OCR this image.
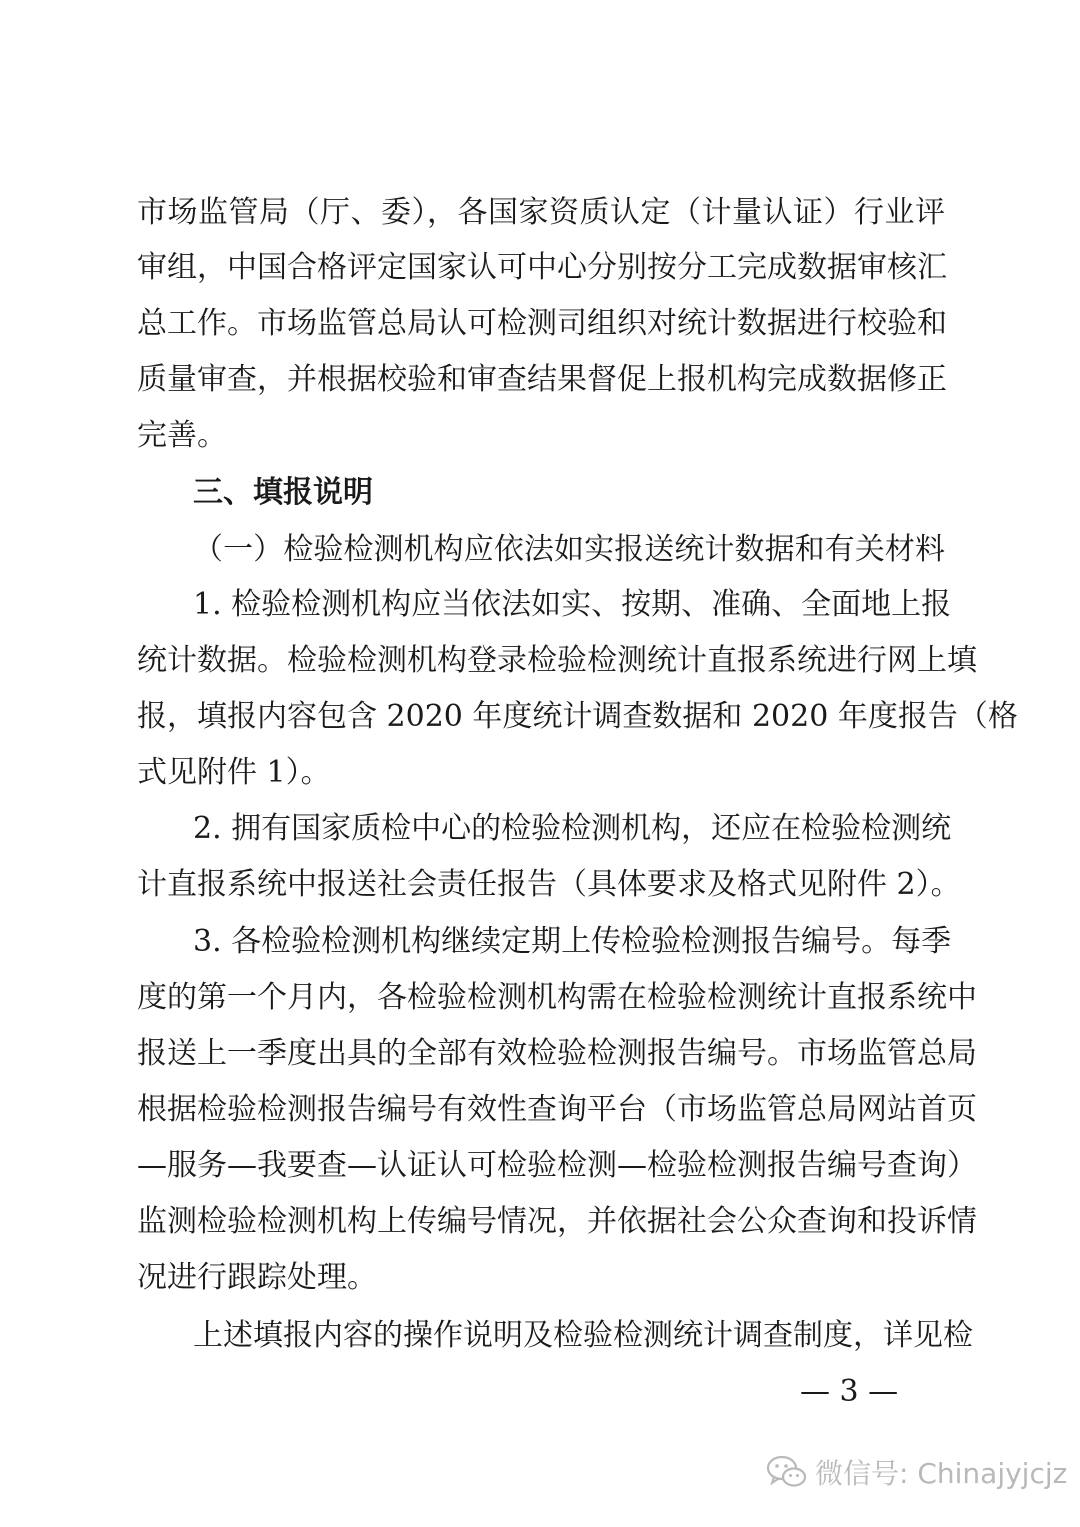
市场监管局（厅、委），各国家资质认定（计量认证）行业评
审组，中国合格评定国家认可中心分别按分工完成数据审核汇
总工作。市场监管总局认可检测司组织对统计数据进行校验和
质量审查，并根据校验和审查结果督促上报机构完成数据修正
完善。
三、填报说明
（一）检验检测机构应依法如实报送统计数据和有关材料
1. 检验检测机构应当依法如实、按期、准确、全面地上报
统计数据。检验检测机构登录检验检测统计直报系统进行网上填
报，填报内容包含 2020 年度统计调查数据和 2020 年度报告（格
式见附件 1）。
2. 拥有国家质检中心的检验检测机构，还应在检验检测统
计直报系统中报送社会责任报告（具体要求及格式见附件 2）。
3. 各检验检测机构继续定期上传检验检测报告编号。每季
度的第一个月内，各检验检测机构需在检验检测统计直报系统中
报送上一季度出具的全部有效检验检测报告编号。市场监管总局
根据检验检测报告编号有效性查询平台（市场监管总局网站首页
—服务—我要查—认证认可检验检测—检验检测报告编号查询）
监测检验检测机构上传编号情况，并依据社会公众查询和投诉情
况进行跟踪处理。
上述填报内容的操作说明及检验检测统计调查制度，详见检
— 3 —
微信号: Chinajyjcjz
